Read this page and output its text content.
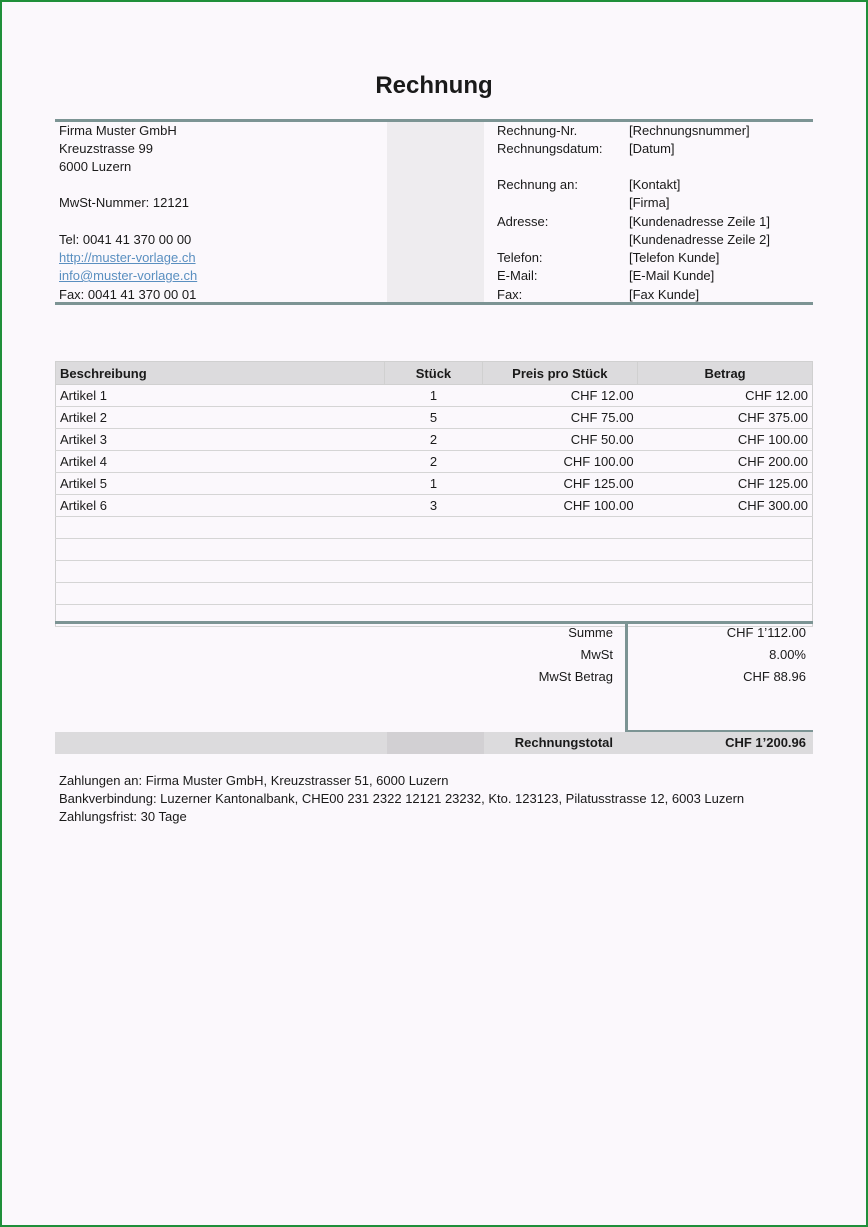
Rechnung
Firma Muster GmbH
Kreuzstrasse 99
6000 Luzern
MwSt-Nummer: 12121
Tel: 0041 41 370 00 00
http://muster-vorlage.ch
info@muster-vorlage.ch
Fax: 0041 41 370 00 01
Rechnung-Nr.	[Rechnungsnummer]
Rechnungsdatum: [Datum]
Rechnung an:	[Kontakt]
[Firma]
Adresse:	[Kundenadresse Zeile 1]
[Kundenadresse Zeile 2]
Telefon:	[Telefon Kunde]
E-Mail:	[E-Mail Kunde]
Fax:	[Fax Kunde]
Beschreibung	Stück	Preis pro Stück	Betrag
Artikel 1	1	CHF 12.00	CHF 12.00
Artikel 2	5	CHF 75.00	CHF 375.00
Artikel 3	2	CHF 50.00	CHF 100.00
Artikel 4	2	CHF 100.00	CHF 200.00
Artikel 5	1	CHF 125.00	CHF 125.00
Artikel 6	3	CHF 100.00	CHF 300.00

Summe	CHF 1’112.00
MwSt	8.00%
MwSt Betrag	CHF 88.96
Rechnungstotal	CHF 1’200.96
Zahlungen an: Firma Muster GmbH, Kreuzstrasser 51, 6000 Luzern
Bankverbindung: Luzerner Kantonalbank, CHE00 231 2322 12121 23232, Kto. 123123, Pilatusstrasse 12, 6003 Luzern
Zahlungsfrist: 30 Tage
